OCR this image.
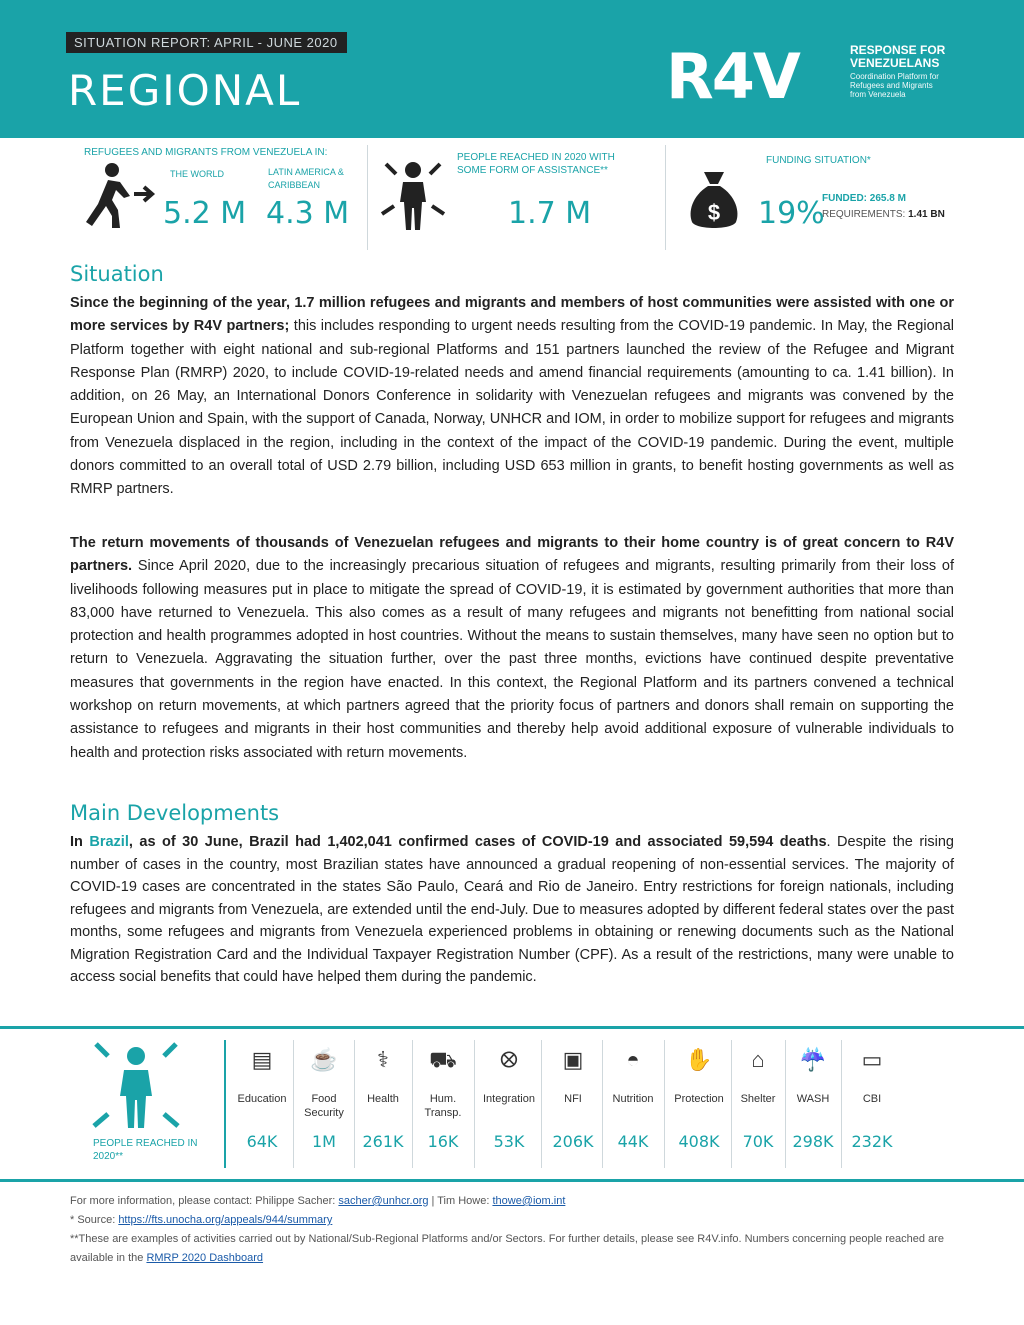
SITUATION REPORT: APRIL - JUNE 2020
REGIONAL	R4V	RESPONSE FOR
VENEZUELANS
Coordination Platform for
Refugees and Migrants
from Venezuela
REFUGEES AND MIGRANTS FROM VENEZUELA IN:
THE WORLD
5.2 M
LATIN AMERICA & CARIBBEAN
4.3 M
PEOPLE REACHED IN 2020 WITH SOME FORM OF ASSISTANCE**
1.7 M
FUNDING SITUATION*
$ 19%
FUNDED: 265.8 M
REQUIREMENTS: 1.41 BN
Situation

Since the beginning of the year, 1.7 million refugees and migrants and members of host communities were assisted with one or more services by R4V partners; this includes responding to urgent needs resulting from the COVID-19 pandemic. In May, the Regional Platform together with eight national and sub-regional Platforms and 151 partners launched the review of the Refugee and Migrant Response Plan (RMRP) 2020, to include COVID-19-related needs and amend financial requirements (amounting to ca. 1.41 billion). In addition, on 26 May, an International Donors Conference in solidarity with Venezuelan refugees and migrants was convened by the European Union and Spain, with the support of Canada, Norway, UNHCR and IOM, in order to mobilize support for refugees and migrants from Venezuela displaced in the region, including in the context of the impact of the COVID-19 pandemic. During the event, multiple donors committed to an overall total of USD 2.79 billion, including USD 653 million in grants, to benefit hosting governments as well as RMRP partners.

The return movements of thousands of Venezuelan refugees and migrants to their home country is of great concern to R4V partners. Since April 2020, due to the increasingly precarious situation of refugees and migrants, resulting primarily from their loss of livelihoods following measures put in place to mitigate the spread of COVID-19, it is estimated by government authorities that more than 83,000 have returned to Venezuela. This also comes as a result of many refugees and migrants not benefitting from national social protection and health programmes adopted in host countries. Without the means to sustain themselves, many have seen no option but to return to Venezuela. Aggravating the situation further, over the past three months, evictions have continued despite preventative measures that governments in the region have enacted. In this context, the Regional Platform and its partners convened a technical workshop on return movements, at which partners agreed that the priority focus of partners and donors shall remain on supporting the assistance to refugees and migrants in their host communities and thereby help avoid additional exposure of vulnerable individuals to health and protection risks associated with return movements.

Main Developments

In Brazil, as of 30 June, Brazil had 1,402,041 confirmed cases of COVID-19 and associated 59,594 deaths. Despite the rising number of cases in the country, most Brazilian states have announced a gradual reopening of non-essential services. The majority of COVID-19 cases are concentrated in the states São Paulo, Ceará and Rio de Janeiro. Entry restrictions for foreign nationals, including refugees and migrants from Venezuela, are extended until the end-July. Due to measures adopted by different federal states over the past months, some refugees and migrants from Venezuela experienced problems in obtaining or renewing documents such as the National Migration Registration Card and the Individual Taxpayer Registration Number (CPF). As a result of the restrictions, many were unable to access social benefits that could have helped them during the pandemic.

PEOPLE REACHED IN 2020**
▤
Education
64K
☕
Food Security
1M
⚕
Health
261K
⛟
Hum. Transp.
16K
⭙
Integration
53K
▣
NFI
206K
◓
Nutrition
44K
✋
Protection
408K
⌂
Shelter
70K
☔
WASH
298K
▭
CBI
232K
For more information, please contact: Philippe Sacher: sacher@unhcr.org | Tim Howe: thowe@iom.int
* Source: https://fts.unocha.org/appeals/944/summary
**These are examples of activities carried out by National/Sub-Regional Platforms and/or Sectors. For further details, please see R4V.info. Numbers concerning people reached are available in the RMRP 2020 Dashboard
